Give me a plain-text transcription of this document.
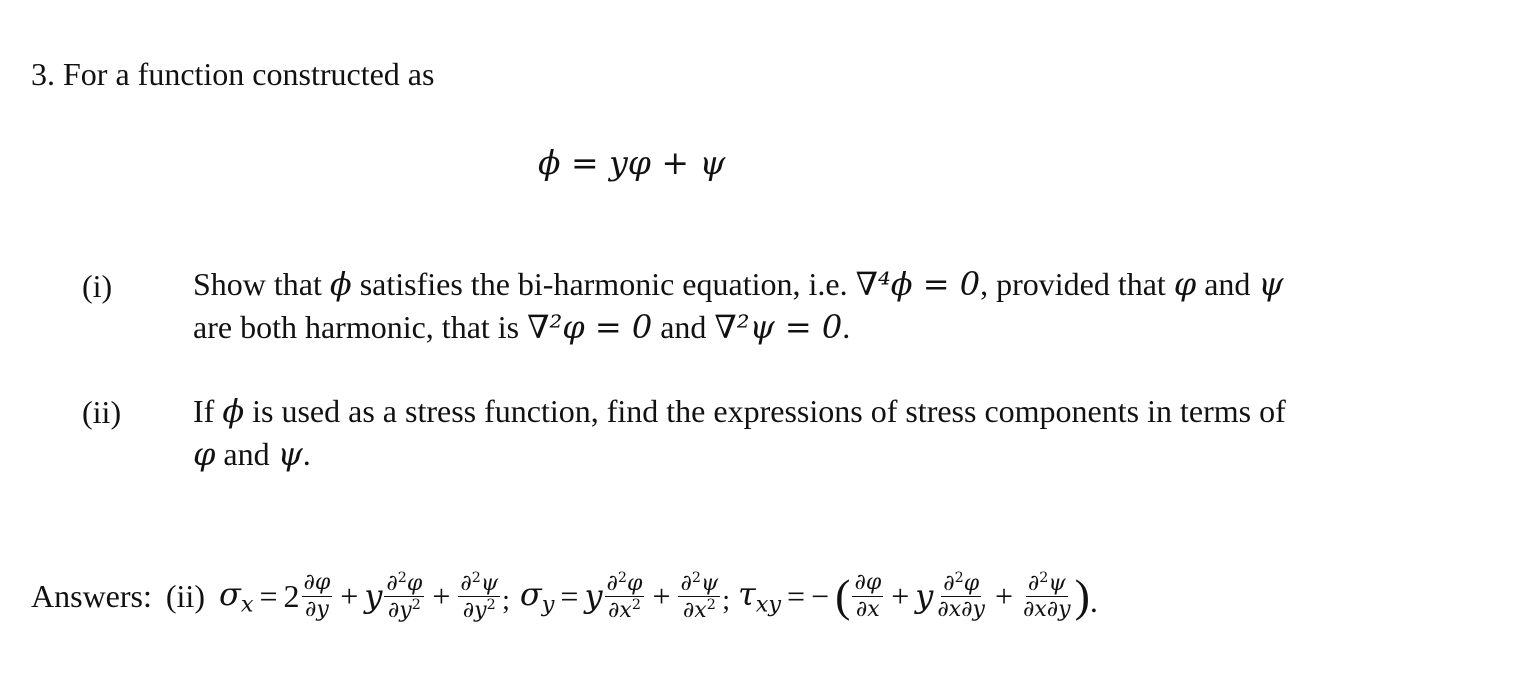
3. For a function constructed as
ϕ = yφ + ψ
(i)	Show that ϕ satisfies the bi-harmonic equation, i.e. ∇⁴ϕ = 0, provided that φ and ψ
are both harmonic, that is ∇²φ = 0 and ∇²ψ = 0.
(ii) If ϕ is used as a stress function, find the expressions of stress components in terms of
φ and ψ.
Answers: (ii) $\sigma_x = 2 \frac{\partial\varphi}{\partial y} + y \frac{\partial^2\varphi}{\partial y^2} + \frac{\partial^2\psi}{\partial y^2}$ ; $\sigma_y = y \frac{\partial^2\varphi}{\partial x^2} + \frac{\partial^2\psi}{\partial x^2}$ ; $\tau_{xy}$ = − ( $\frac{\partial\varphi}{\partial x} + y \frac{\partial^2\varphi}{\partial x\partial y} + \frac{\partial^2\psi}{\partial x\partial y}$ ) .
